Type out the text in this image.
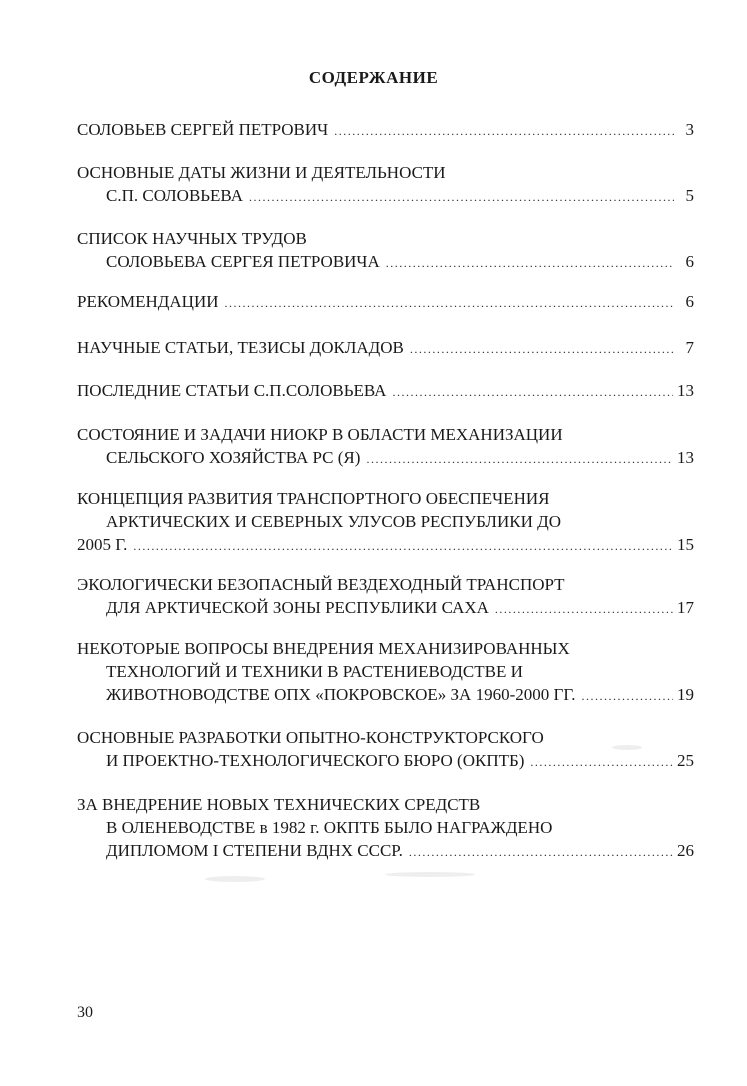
СОДЕРЖАНИЕ
СОЛОВЬЕВ СЕРГЕЙ ПЕТРОВИЧ .....	3
ОСНОВНЫЕ ДАТЫ ЖИЗНИ И ДЕЯТЕЛЬНОСТИ
С.П. СОЛОВЬЕВА .....	5
СПИСОК НАУЧНЫХ ТРУДОВ
СОЛОВЬЕВА СЕРГЕЯ ПЕТРОВИЧА .....	6
РЕКОМЕНДАЦИИ .....	6
НАУЧНЫЕ СТАТЬИ, ТЕЗИСЫ ДОКЛАДОВ .....	7
ПОСЛЕДНИЕ СТАТЬИ С.П.СОЛОВЬЕВА .....	13
СОСТОЯНИЕ И ЗАДАЧИ НИОКР В ОБЛАСТИ МЕХАНИЗАЦИИ
СЕЛЬСКОГО ХОЗЯЙСТВА РС (Я) .....	13
КОНЦЕПЦИЯ РАЗВИТИЯ ТРАНСПОРТНОГО ОБЕСПЕЧЕНИЯ
АРКТИЧЕСКИХ И СЕВЕРНЫХ УЛУСОВ РЕСПУБЛИКИ ДО
2005 Г. .....	15
ЭКОЛОГИЧЕСКИ БЕЗОПАСНЫЙ ВЕЗДЕХОДНЫЙ ТРАНСПОРТ
ДЛЯ АРКТИЧЕСКОЙ ЗОНЫ РЕСПУБЛИКИ САХА .....	17
НЕКОТОРЫЕ ВОПРОСЫ ВНЕДРЕНИЯ МЕХАНИЗИРОВАННЫХ
ТЕХНОЛОГИЙ И ТЕХНИКИ В РАСТЕНИЕВОДСТВЕ И
ЖИВОТНОВОДСТВЕ ОПХ «ПОКРОВСКОЕ» ЗА 1960-2000 ГГ. .....	19
ОСНОВНЫЕ РАЗРАБОТКИ ОПЫТНО-КОНСТРУКТОРСКОГО
И ПРОЕКТНО-ТЕХНОЛОГИЧЕСКОГО БЮРО (ОКПТБ) .....	25
ЗА ВНЕДРЕНИЕ НОВЫХ ТЕХНИЧЕСКИХ СРЕДСТВ
В ОЛЕНЕВОДСТВЕ в 1982 г. ОКПТБ БЫЛО НАГРАЖДЕНО
ДИПЛОМОМ I СТЕПЕНИ ВДНХ СССР. .....	26
30
